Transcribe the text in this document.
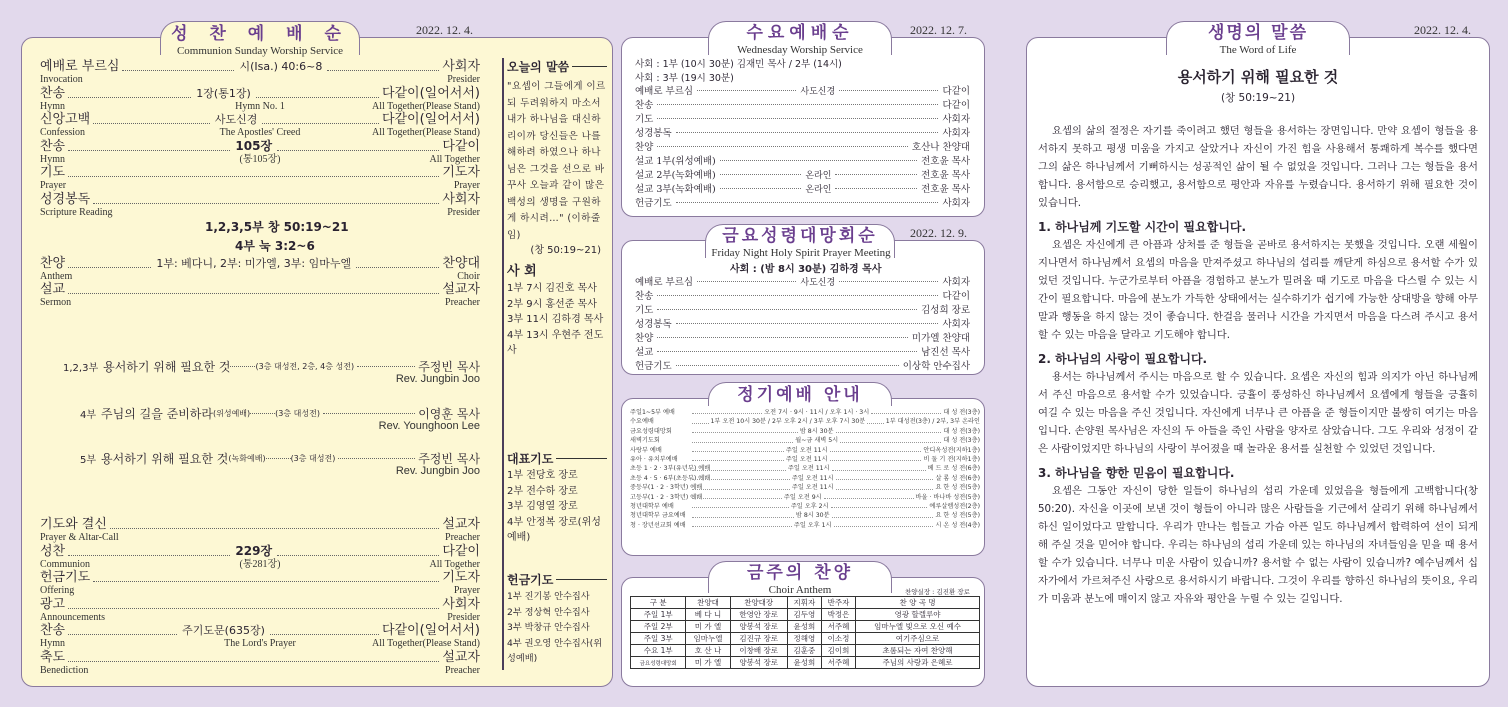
성 찬 예 배 순
Communion Sunday Worship Service
2022. 12. 4.
예배로 부르심	시(Isa.) 40:6~8	사회자
Invocation	Presider
찬송	1장(통1장)	다같이(일어서서)
Hymn	Hymn No. 1	All Together(Please Stand)
신앙고백	사도신경	다같이(일어서서)
Confession	The Apostles' Creed	All Together(Please Stand)
찬송	105장	다같이
Hymn	(통105장)	All Together
기도	기도자
Prayer	Prayer
성경봉독	사회자
Scripture Reading	Presider
1,2,3,5부 창 50:19~21
4부 눅 3:2~6
찬양	1부: 베다니, 2부: 미가엘, 3부: 임마누엘	찬양대
Anthem	Choir
설교	설교자
Sermon	Preacher
1,2,3부 용서하기 위해 필요한 것	(3층 대성전, 2층, 4층 성전)	주정빈 목사
Rev. Jungbin Joo
4부 주님의 길을 준비하라 (위성예배)	(3층 대성전)	이영훈 목사
Rev. Younghoon Lee
5부 용서하기 위해 필요한 것 (녹화예배)	(3층 대성전)	주정빈 목사
Rev. Jungbin Joo
기도와 결신	설교자
Prayer & Altar-Call	Preacher
성찬	229장	다같이
Communion	(통281장)	All Together
헌금기도	기도자
Offering	Prayer
광고	사회자
Announcements	Presider
찬송	주기도문(635장)	다같이(일어서서)
Hymn	The Lord's Prayer	All Together(Please Stand)
축도	설교자
Benediction	Preacher
오늘의 말씀
"요셉이 그들에게 이르
되 두려워하지 마소서
내가 하나님을 대신하
리이까 당신들은 나를
해하려 하였으나 하나
님은 그것을 선으로 바
꾸사 오늘과 같이 많은
백성의 생명을 구원하
게 하시려…" (이하줄임)
(창 50:19~21)
사 회
1부 7시 김진호 목사
2부 9시 홍선준 목사
3부 11시 김하경 목사
4부 13시 우현주 전도사
대표기도
1부 전당호 장로
2부 전수하 장로
3부 김영열 장로
4부 안정복 장로(위성예배)
헌금기도
1부 진기봉 안수집사
2부 정상혁 안수집사
3부 박창규 안수집사
4부 권오영 안수집사(위성예배)
수요예배순
Wednesday Worship Service
2022. 12. 7.
사회 : 1부 (10시 30분) 김재민 목사 / 2부 (14시)
사회 : 3부 (19시 30분)
예배로 부르심	사도신경	다같이
찬송	다같이
기도	사회자
성경봉독	사회자
찬양	호산나 찬양대
설교 1부(위성예배)	전호윤 목사
설교 2부(녹화예배)	온라인	전호윤 목사
설교 3부(녹화예배)	온라인	전호윤 목사
헌금기도	사회자
금요성령대망회순
Friday Night Holy Spirit Prayer Meeting
2022. 12. 9.
사회 : (밤 8시 30분) 김하경 목사
예배로 부르심	사도신경	사회자
찬송	다같이
기도	김성희 장로
성경봉독	사회자
찬양	미가엘 찬양대
설교	남진선 목사
헌금기도	이상학 안수집사
정기예배 안내
주일1~5부 예배	오전 7시 · 9시 · 11시 / 오후 1시 · 3시	대 성 전(3층)
수요예배	1부 오전 10시 30분 / 2부 오후 2시 / 3부 오후 7시 30분	1부 대성전(3층) / 2부, 3부 온라인
금요성령대망회	밤 8시 30분	대 성 전(3층)
새벽기도회	월~금 새벽 5시	대 성 전(3층)
사랑부 예배	주일 오전 11시	안디옥성전(지하1층)
유아 · 유치부예배	주일 오전 11시	비 둘 기 전(지하1층)
초등 1 · 2 · 3부(유년부) 예배	주일 오전 11시	베 드 로 성 전(6층)
초등 4 · 5 · 6부(초등부) 예배	주일 오전 11시	살 롬 성 전(6층)
중등부(1 · 2 · 3학년) 예배	주일 오전 11시	요 한 성 전(5층)
고등부(1 · 2 · 3학년) 예배	주일 오전 9시	바울 · 바나바 성전(5층)
청년대학부 예배	주일 오후 2시	예루살렘성전(2층)
청년대학부 금요예배	밤 8시 30분	요 한 성 전(5층)
청 · 장년선교회 예배	주일 오후 1시	시 온 성 전(4층)
금주의 찬양
Choir Anthem	찬양실장 : 김진환 장로
구 분	찬양대	찬양대장	지휘자	반주자	찬 양 곡 명
주일 1부	베 다 니	한영안 장로	김두영	박정은	영광 할렐루야
주일 2부	미 가 엘	양봉석 장로	윤성희	서주혜	임마누엘 빛으로 오신 예수
주일 3부	임마누엘	김진규 장로	정해영	이소정	여기주심으로
수요 1부	호 산 나	이창배 장로	김훈중	김이희	초롬되는 자여 찬양해
금요성령대망회	미 가 엘	양봉석 장로	윤성희	서주혜	주님의 사랑과 은혜로
생명의 말씀
The Word of Life
2022. 12. 4.
용서하기 위해 필요한 것
(창 50:19~21)

요셉의 삶의 절정은 자기를 죽이려고 했던 형들을 용서하는 장면입니다. 만약 요셉이 형들을 용서하지 못하고 평생 미움을 가지고 살았거나 자신이 가진 힘을 사용해서 통쾌하게 복수를 했다면 그의 삶은 하나님께서 기뻐하시는 성공적인 삶이 될 수 없었을 것입니다. 그러나 그는 형들을 용서합니다. 용서함으로 승리했고, 용서함으로 평안과 자유를 누렸습니다. 용서하기 위해 필요한 것이 있습니다.

1. 하나님께 기도할 시간이 필요합니다.

요셉은 자신에게 큰 아픔과 상처를 준 형들을 곧바로 용서하지는 못했을 것입니다. 오랜 세월이 지나면서 하나님께서 요셉의 마음을 만져주셨고 하나님의 섭리를 깨닫게 하심으로 용서할 수가 있었던 것입니다. 누군가로부터 아픔을 경험하고 분노가 밀려올 때 기도로 마음을 다스릴 수 있는 시간이 필요합니다. 마음에 분노가 가득한 상태에서는 실수하기가 쉽기에 가능한 상대방을 향해 아무 말과 행동을 하지 않는 것이 좋습니다. 한걸음 물러나 시간을 가지면서 마음을 다스려 주시고 용서할 수 있는 마음을 달라고 기도해야 합니다.

2. 하나님의 사랑이 필요합니다.

용서는 하나님께서 주시는 마음으로 할 수 있습니다. 요셉은 자신의 힘과 의지가 아닌 하나님께서 주신 마음으로 용서할 수가 있었습니다. 긍휼이 풍성하신 하나님께서 요셉에게 형들을 긍휼히 여길 수 있는 마음을 주신 것입니다. 자신에게 너무나 큰 아픔을 준 형들이지만 불쌍히 여기는 마음입니다. 손양원 목사님은 자신의 두 아들을 죽인 사람을 양자로 삼았습니다. 그도 우리와 성정이 같은 사람이었지만 하나님의 사랑이 부어졌을 때 놀라운 용서를 실천할 수 있었던 것입니다.

3. 하나님을 향한 믿음이 필요합니다.

요셉은 그동안 자신이 당한 일들이 하나님의 섭리 가운데 있었음을 형들에게 고백합니다(창 50:20). 자신을 이곳에 보낸 것이 형들이 아니라 많은 사람들을 기근에서 살리기 위해 하나님께서 하신 일이었다고 말합니다. 우리가 만나는 힘들고 가슴 아픈 일도 하나님께서 합력하여 선이 되게 해 주실 것을 믿어야 합니다. 우리는 하나님의 섭리 가운데 있는 하나님의 자녀들임을 믿을 때 용서할 수가 있습니다. 너무나 미운 사람이 있습니까? 용서할 수 없는 사람이 있습니까? 예수님께서 십자가에서 가르쳐주신 사랑으로 용서하시기 바랍니다. 그것이 우리를 향하신 하나님의 뜻이요, 우리가 미움과 분노에 매이지 않고 자유와 평안을 누릴 수 있는 길입니다.
